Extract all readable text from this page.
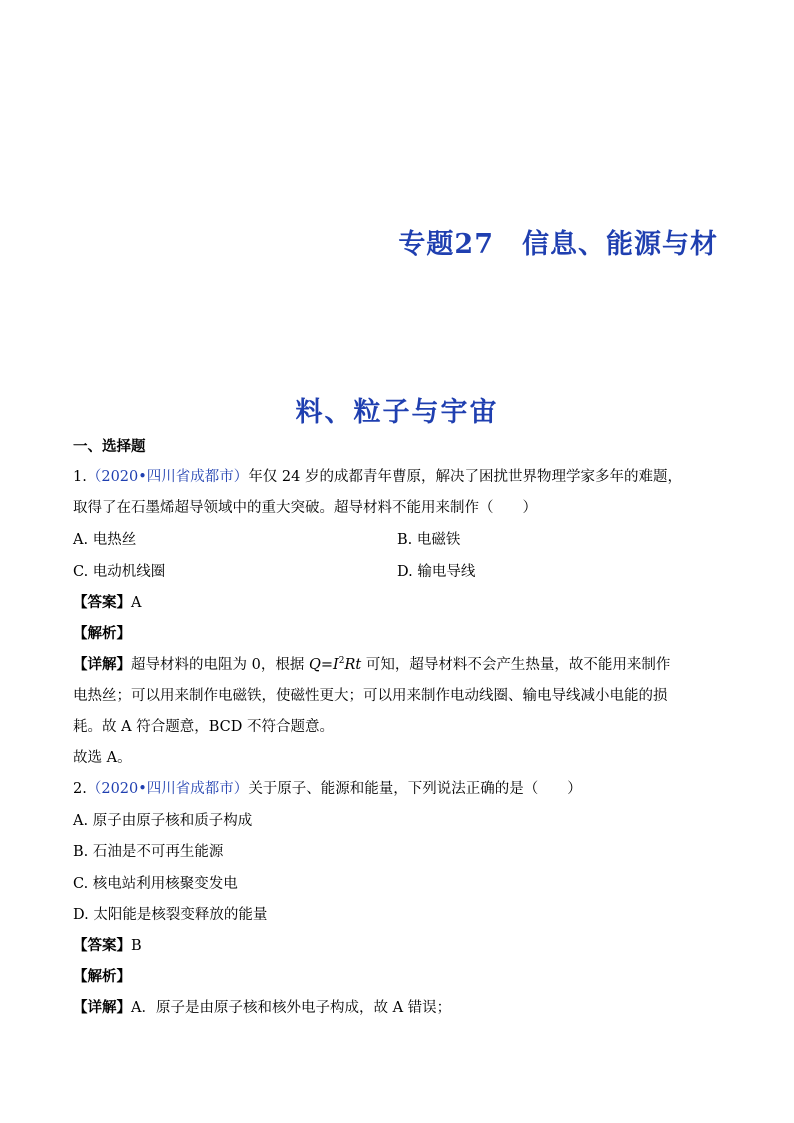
专题27 信息、能源与材
料、粒子与宇宙
一、选择题
1.（2020•四川省成都市）年仅 24 岁的成都青年曹原，解决了困扰世界物理学家多年的难题，
取得了在石墨烯超导领域中的重大突破。超导材料不能用来制作（　　）
A. 电热丝	B. 电磁铁
C. 电动机线圈	D. 输电导线
【答案】A
【解析】
【详解】超导材料的电阻为 0，根据 $Q=I^2Rt$ 可知，超导材料不会产生热量，故不能用来制作
电热丝；可以用来制作电磁铁，使磁性更大；可以用来制作电动线圈、输电导线减小电能的损
耗。故 A 符合题意，BCD 不符合题意。
故选 A。
2.（2020•四川省成都市）关于原子、能源和能量，下列说法正确的是（　　）
A. 原子由原子核和质子构成
B. 石油是不可再生能源
C. 核电站利用核聚变发电
D. 太阳能是核裂变释放的能量
【答案】B
【解析】
【详解】A．原子是由原子核和核外电子构成，故 A 错误；
